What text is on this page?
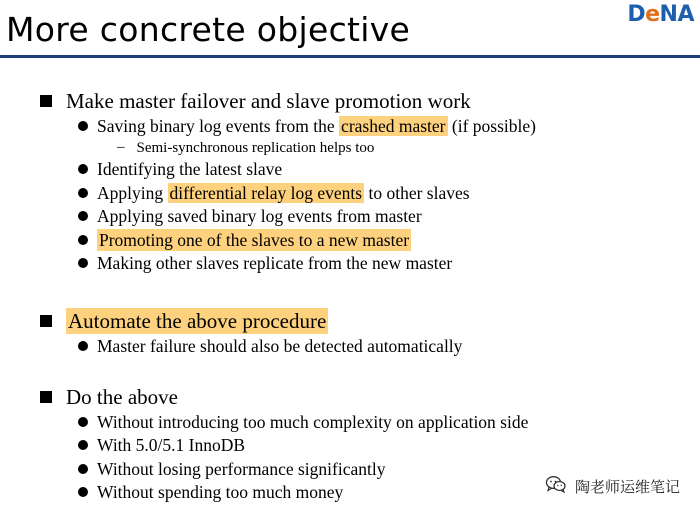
More concrete objective	DeNA
Make master failover and slave promotion work
Saving binary log events from the crashed master (if possible)
– Semi-synchronous replication helps too
Identifying the latest slave
Applying differential relay log events to other slaves
Applying saved binary log events from master
Promoting one of the slaves to a new master
Making other slaves replicate from the new master
Automate the above procedure
Master failure should also be detected automatically
Do the above
Without introducing too much complexity on application side
With 5.0/5.1 InnoDB
Without losing performance significantly
Without spending too much money	陶老师运维笔记
